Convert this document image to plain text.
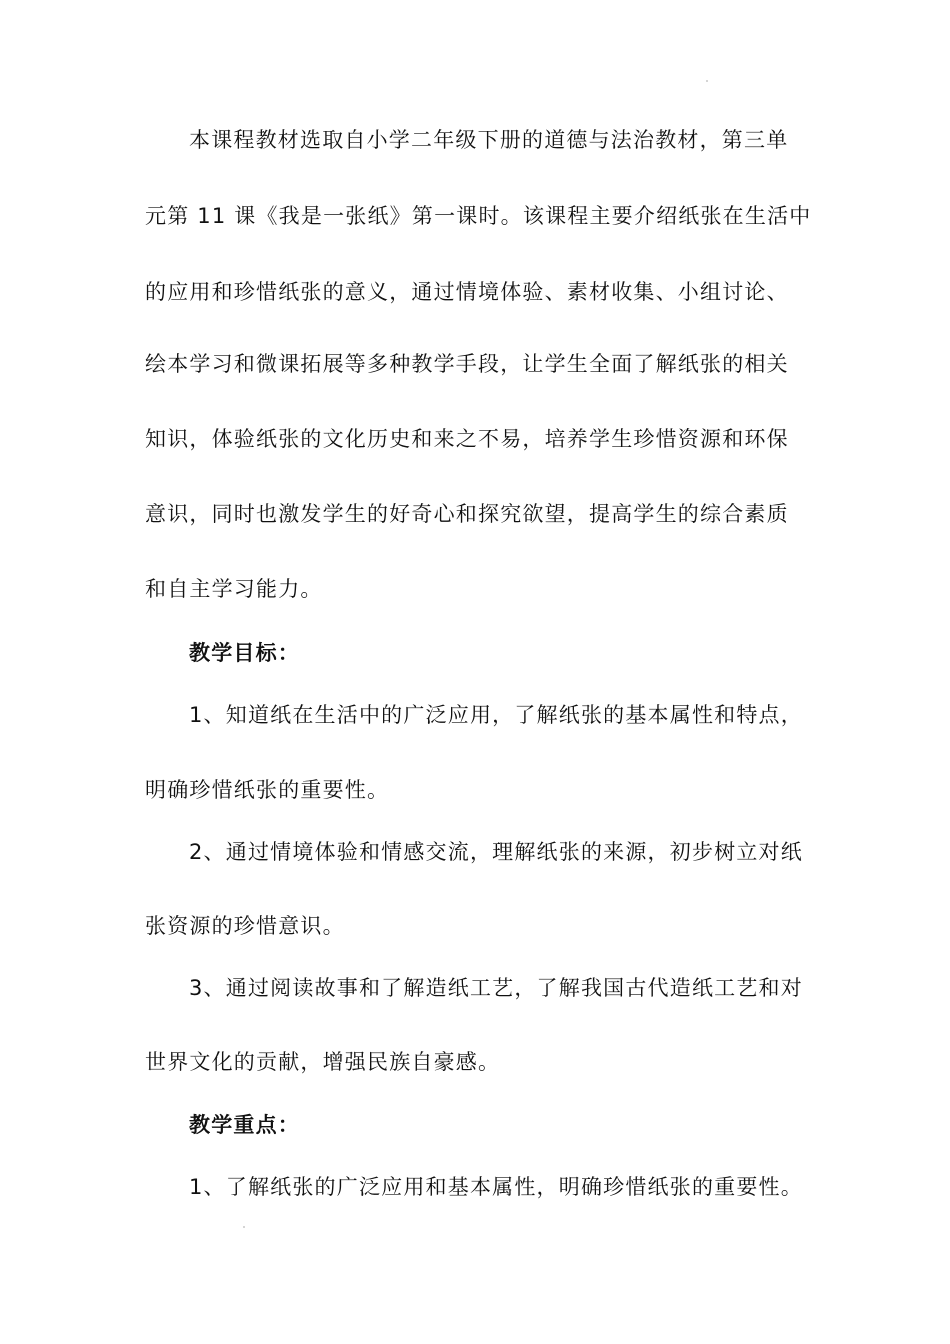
本课程教材选取自小学二年级下册的道德与法治教材，第三单
元第 11 课《我是一张纸》第一课时。该课程主要介绍纸张在生活中
的应用和珍惜纸张的意义，通过情境体验、素材收集、小组讨论、
绘本学习和微课拓展等多种教学手段，让学生全面了解纸张的相关
知识，体验纸张的文化历史和来之不易，培养学生珍惜资源和环保
意识，同时也激发学生的好奇心和探究欲望，提高学生的综合素质
和自主学习能力。
教学目标：
1、知道纸在生活中的广泛应用，了解纸张的基本属性和特点，
明确珍惜纸张的重要性。
2、通过情境体验和情感交流，理解纸张的来源，初步树立对纸
张资源的珍惜意识。
3、通过阅读故事和了解造纸工艺，了解我国古代造纸工艺和对
世界文化的贡献，增强民族自豪感。
教学重点：
1、了解纸张的广泛应用和基本属性，明确珍惜纸张的重要性。
